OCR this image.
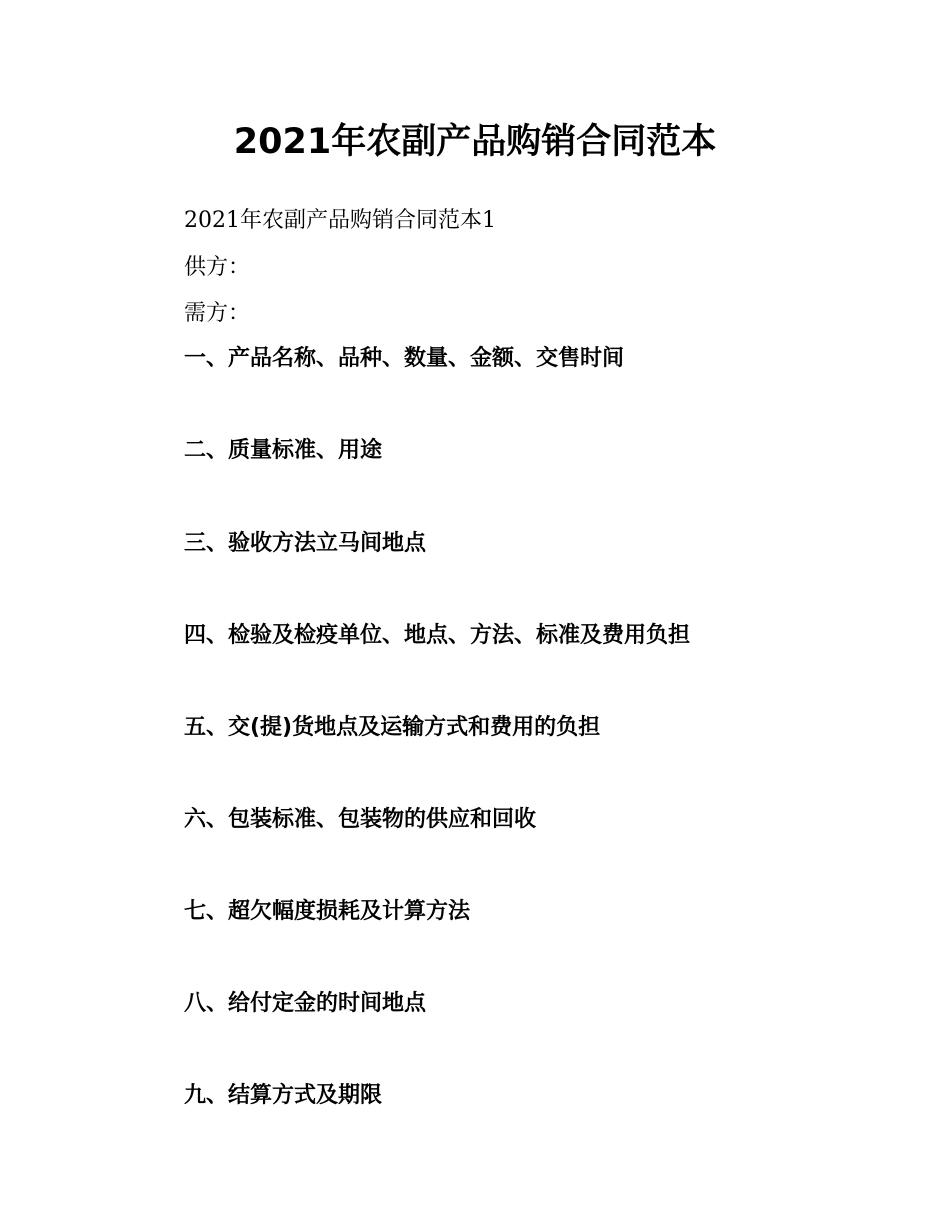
2021年农副产品购销合同范本
2021年农副产品购销合同范本1
供方：
需方：
一、产品名称、品种、数量、金额、交售时间
二、质量标准、用途
三、验收方法立马间地点
四、检验及检疫单位、地点、方法、标准及费用负担
五、交(提)货地点及运输方式和费用的负担
六、包装标准、包装物的供应和回收
七、超欠幅度损耗及计算方法
八、给付定金的时间地点
九、结算方式及期限
